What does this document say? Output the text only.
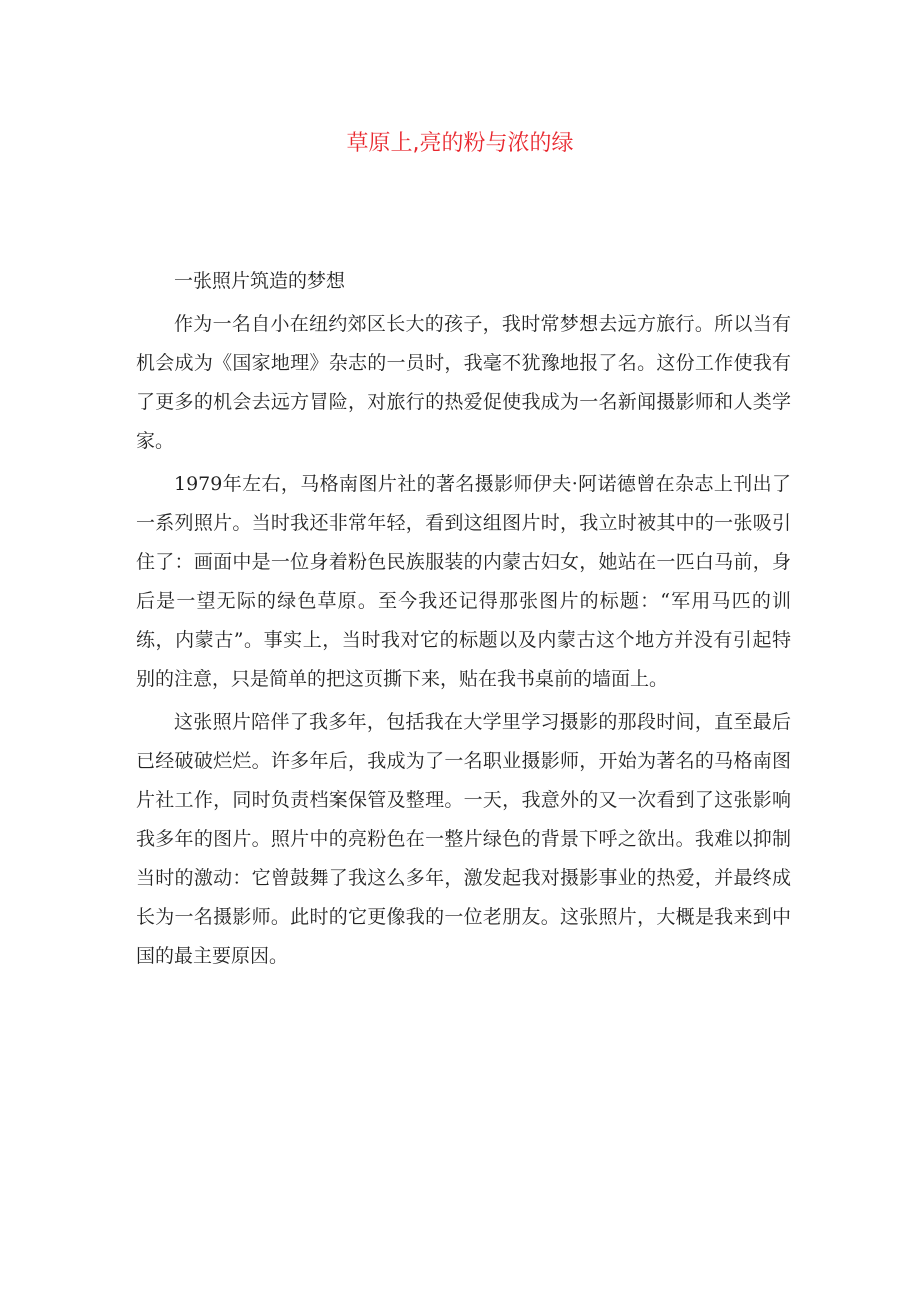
草原上,亮的粉与浓的绿

一张照片筑造的梦想

作为一名自小在纽约郊区长大的孩子，我时常梦想去远方旅行。所以当有机会成为《国家地理》杂志的一员时，我毫不犹豫地报了名。这份工作使我有了更多的机会去远方冒险，对旅行的热爱促使我成为一名新闻摄影师和人类学家。

1979年左右，马格南图片社的著名摄影师伊夫·阿诺德曾在杂志上刊出了一系列照片。当时我还非常年轻，看到这组图片时，我立时被其中的一张吸引住了：画面中是一位身着粉色民族服装的内蒙古妇女，她站在一匹白马前，身后是一望无际的绿色草原。至今我还记得那张图片的标题：“军用马匹的训练，内蒙古”。事实上，当时我对它的标题以及内蒙古这个地方并没有引起特别的注意，只是简单的把这页撕下来，贴在我书桌前的墙面上。

这张照片陪伴了我多年，包括我在大学里学习摄影的那段时间，直至最后已经破破烂烂。许多年后，我成为了一名职业摄影师，开始为著名的马格南图片社工作，同时负责档案保管及整理。一天，我意外的又一次看到了这张影响我多年的图片。照片中的亮粉色在一整片绿色的背景下呼之欲出。我难以抑制当时的激动：它曾鼓舞了我这么多年，激发起我对摄影事业的热爱，并最终成长为一名摄影师。此时的它更像我的一位老朋友。这张照片，大概是我来到中国的最主要原因。
